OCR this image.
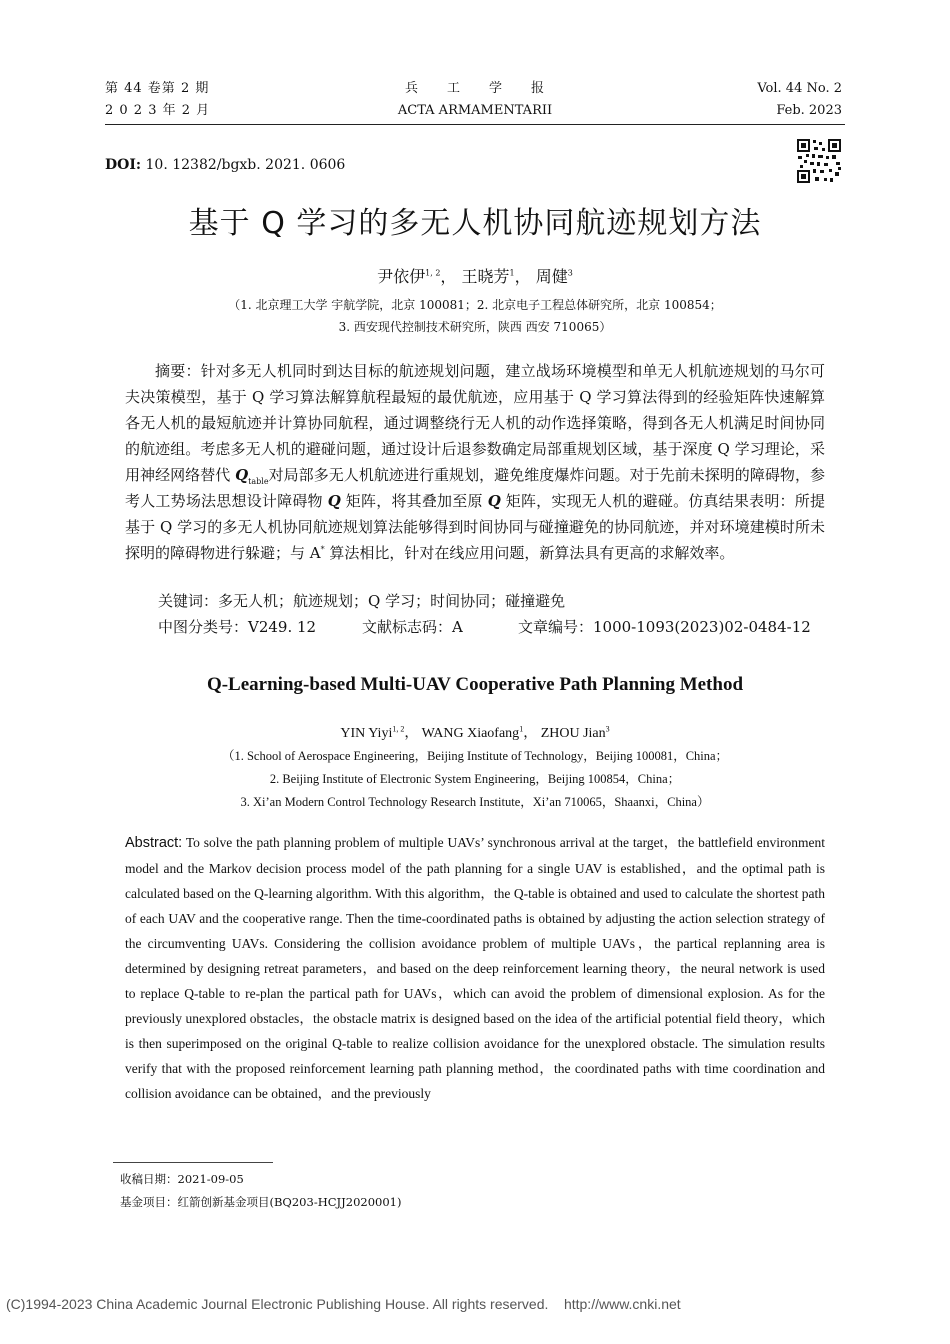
第 44 卷第 2 期
2 0 2 3 年 2 月
兵　　工　　学　　报
ACTA ARMAMENTARII
Vol. 44 No. 2
Feb. 2023
DOI: 10. 12382/bgxb. 2021. 0606
基于 Q 学习的多无人机协同航迹规划方法
尹依伊$^{1, 2}$， 王晓芳$^1$， 周健$^3$
（1. 北京理工大学 宇航学院，北京 100081；2. 北京电子工程总体研究所，北京 100854；
3. 西安现代控制技术研究所，陕西 西安 710065）
摘要：针对多无人机同时到达目标的航迹规划问题，建立战场环境模型和单无人机航迹规划的马尔可夫决策模型，基于 Q 学习算法解算航程最短的最优航迹，应用基于 Q 学习算法得到的经验矩阵快速解算各无人机的最短航迹并计算协同航程，通过调整绕行无人机的动作选择策略，得到各无人机满足时间协同的航迹组。考虑多无人机的避碰问题，通过设计后退参数确定局部重规划区域，基于深度 Q 学习理论，采用神经网络替代 $Q_{table}$对局部多无人机航迹进行重规划，避免维度爆炸问题。对于先前未探明的障碍物，参考人工势场法思想设计障碍物 Q 矩阵，将其叠加至原 Q 矩阵，实现无人机的避碰。仿真结果表明：所提基于 Q 学习的多无人机协同航迹规划算法能够得到时间协同与碰撞避免的协同航迹，并对环境建模时所未探明的障碍物进行躲避；与 A* 算法相比，针对在线应用问题，新算法具有更高的求解效率。
关键词：多无人机；航迹规划；Q 学习；时间协同；碰撞避免
中图分类号：V249. 12	文献标志码：A	文章编号：1000-1093(2023)02-0484-12
Q-Learning-based Multi-UAV Cooperative Path Planning Method
YIN Yiyi$^{1, 2}$， WANG Xiaofang$^1$， ZHOU Jian$^3$
（1. School of Aerospace Engineering，Beijing Institute of Technology，Beijing 100081，China；
2. Beijing Institute of Electronic System Engineering，Beijing 100854，China；
3. Xi’an Modern Control Technology Research Institute，Xi’an 710065，Shaanxi，China）
Abstract: To solve the path planning problem of multiple UAVs’ synchronous arrival at the target，the battlefield environment model and the Markov decision process model of the path planning for a single UAV is established，and the optimal path is calculated based on the Q-learning algorithm. With this algorithm，the Q-table is obtained and used to calculate the shortest path of each UAV and the cooperative range. Then the time-coordinated paths is obtained by adjusting the action selection strategy of the circumventing UAVs. Considering the collision avoidance problem of multiple UAVs，the partical replanning area is determined by designing retreat parameters，and based on the deep reinforcement learning theory，the neural network is used to replace Q-table to re-plan the partical path for UAVs，which can avoid the problem of dimensional explosion. As for the previously unexplored obstacles，the obstacle matrix is designed based on the idea of the artificial potential field theory，which is then superimposed on the original Q-table to realize collision avoidance for the unexplored obstacle. The simulation results verify that with the proposed reinforcement learning path planning method，the coordinated paths with time coordination and collision avoidance can be obtained，and the previously
收稿日期：2021-09-05
基金项目：红箭创新基金项目(BQ203-HCJJ2020001)
(C)1994-2023 China Academic Journal Electronic Publishing House. All rights reserved.    http://www.cnki.net
